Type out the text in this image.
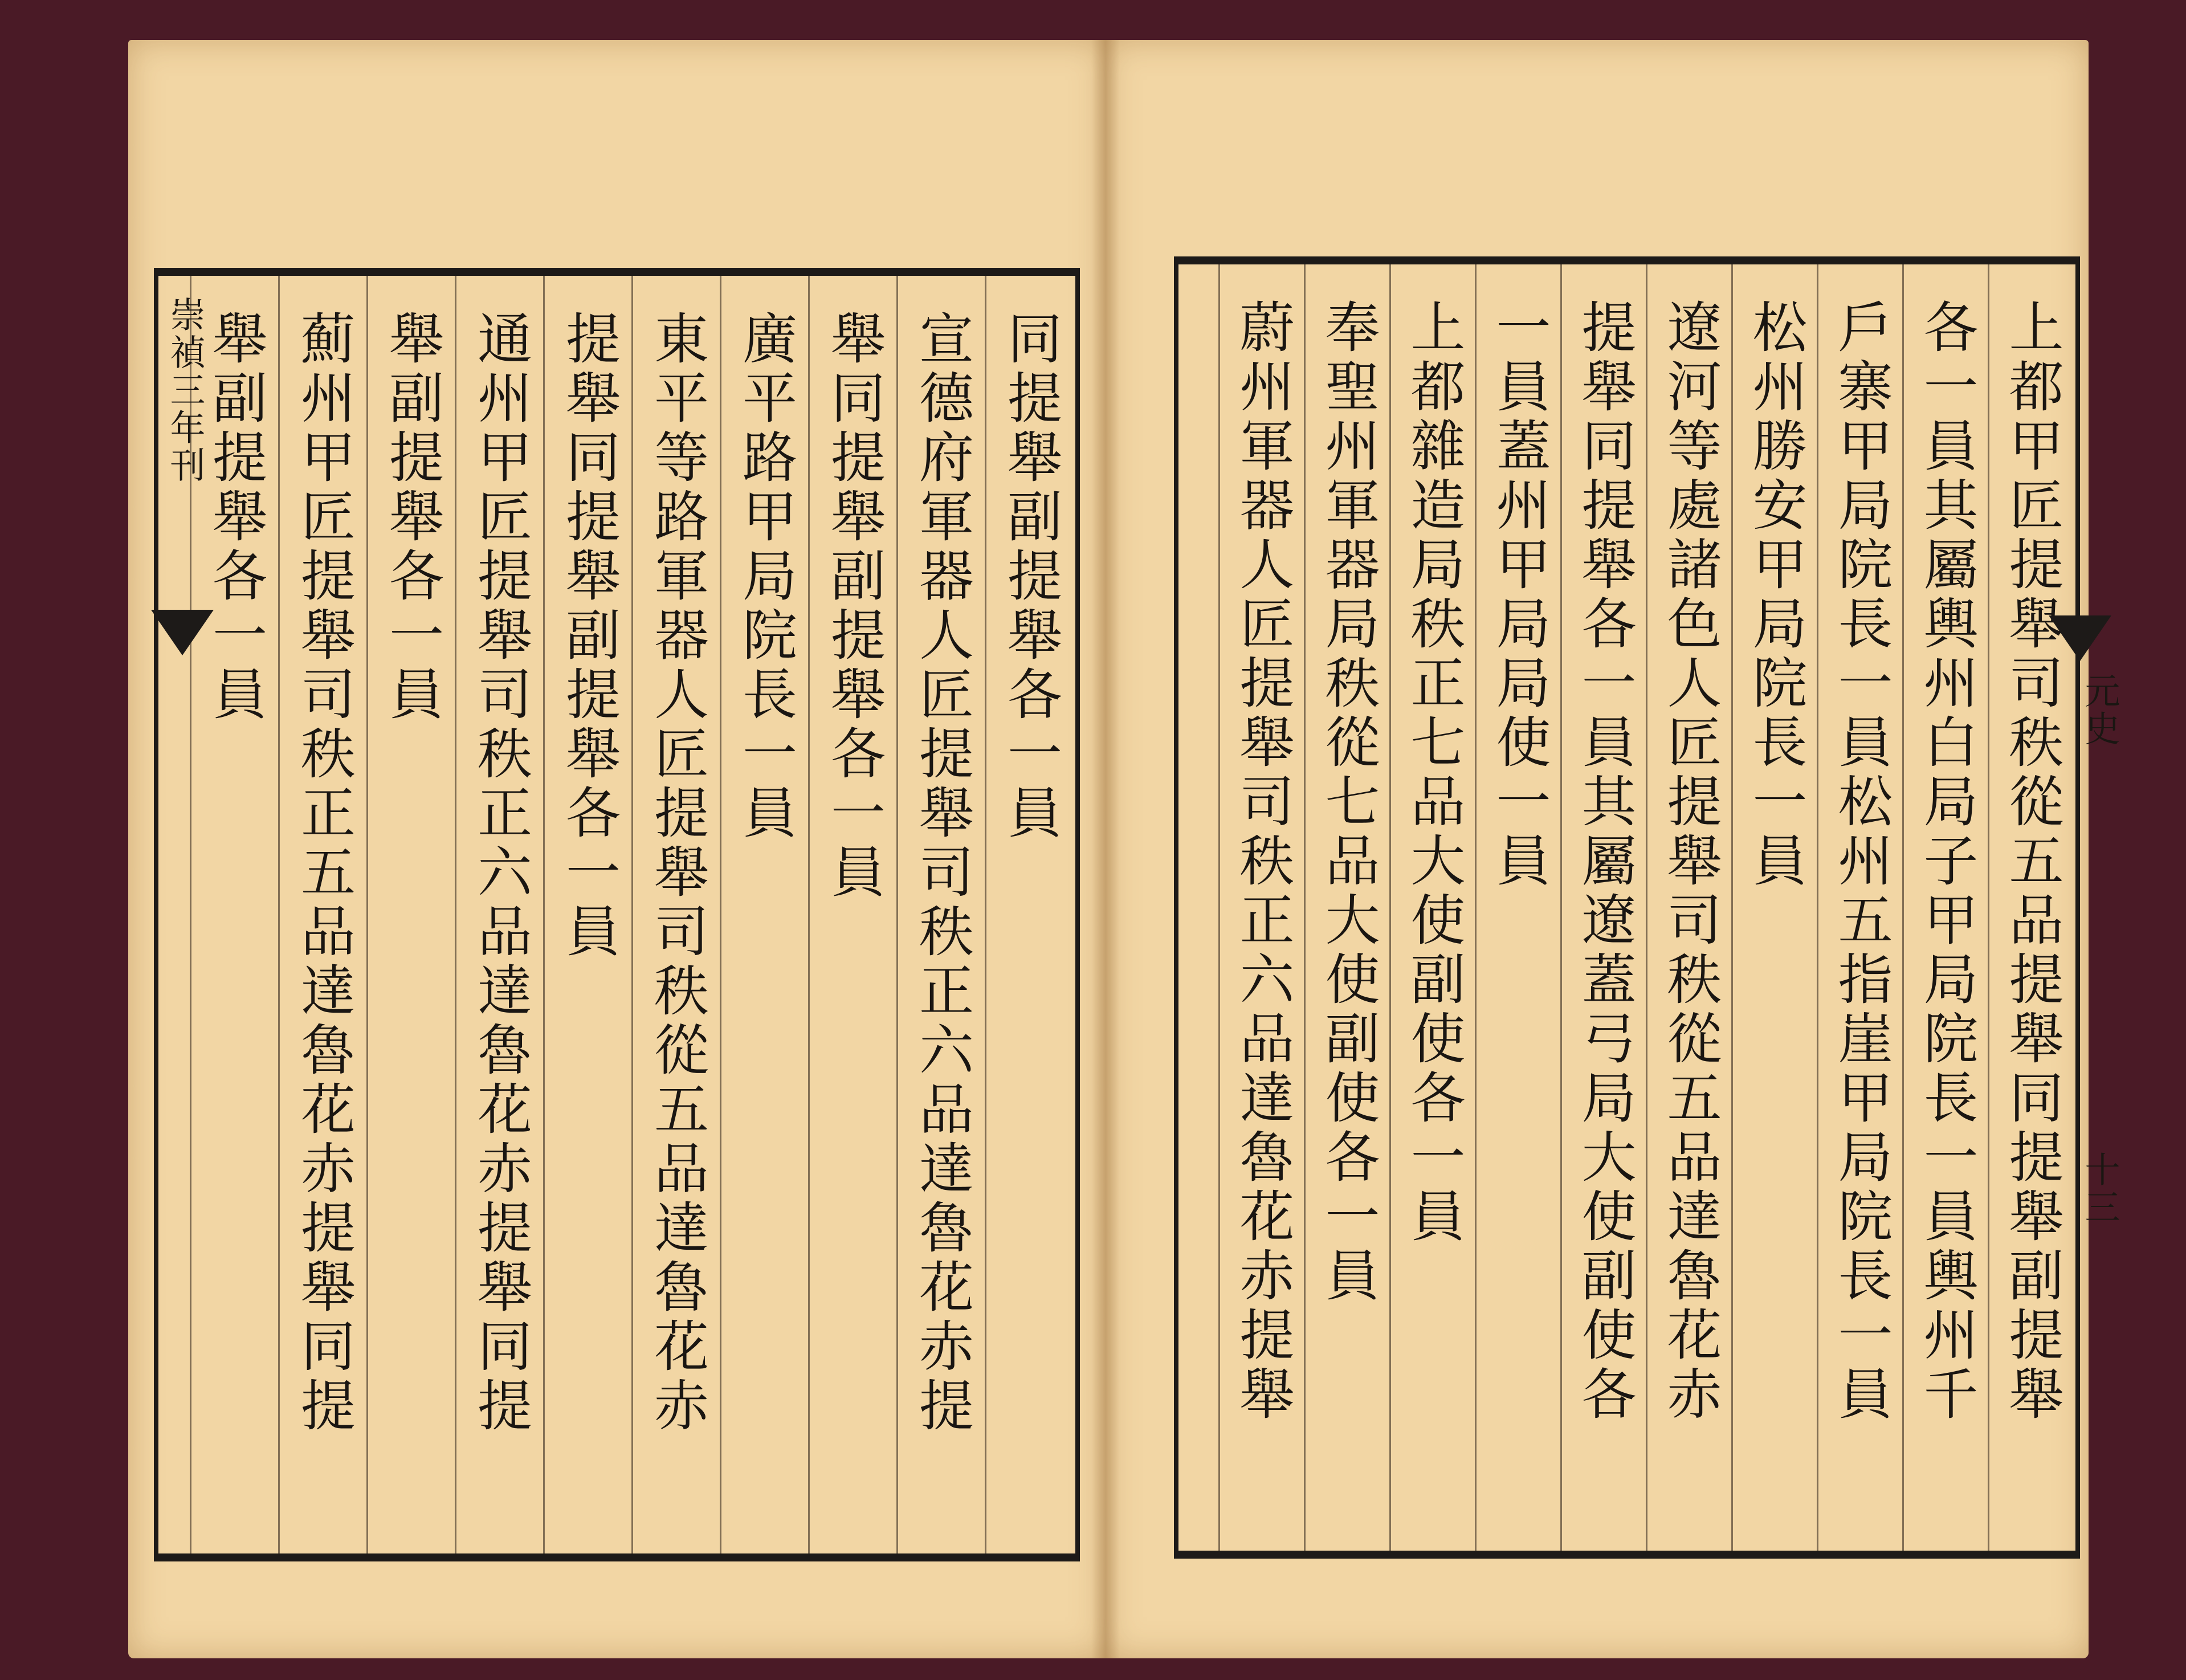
同提舉副提舉各一員
宣德府軍器人匠提舉司秩正六品達魯花赤提
舉同提舉副提舉各一員
廣平路甲局院長一員
東平等路軍器人匠提舉司秩從五品達魯花赤
提舉同提舉副提舉各一員
通州甲匠提舉司秩正六品達魯花赤提舉同提
舉副提舉各一員
薊州甲匠提舉司秩正五品達魯花赤提舉同提
舉副提舉各一員
崇禎三年刊	上都甲匠提舉司秩從五品提舉同提舉副提舉
各一員其屬輿州白局子甲局院長一員輿州千
戶寨甲局院長一員松州五指崖甲局院長一員
松州勝安甲局院長一員
遼河等處諸色人匠提舉司秩從五品達魯花赤
提舉同提舉各一員其屬遼蓋弓局大使副使各
一員蓋州甲局局使一員
上都雜造局秩正七品大使副使各一員
奉聖州軍器局秩從七品大使副使各一員
蔚州軍器人匠提舉司秩正六品達魯花赤提舉	元史
十三
